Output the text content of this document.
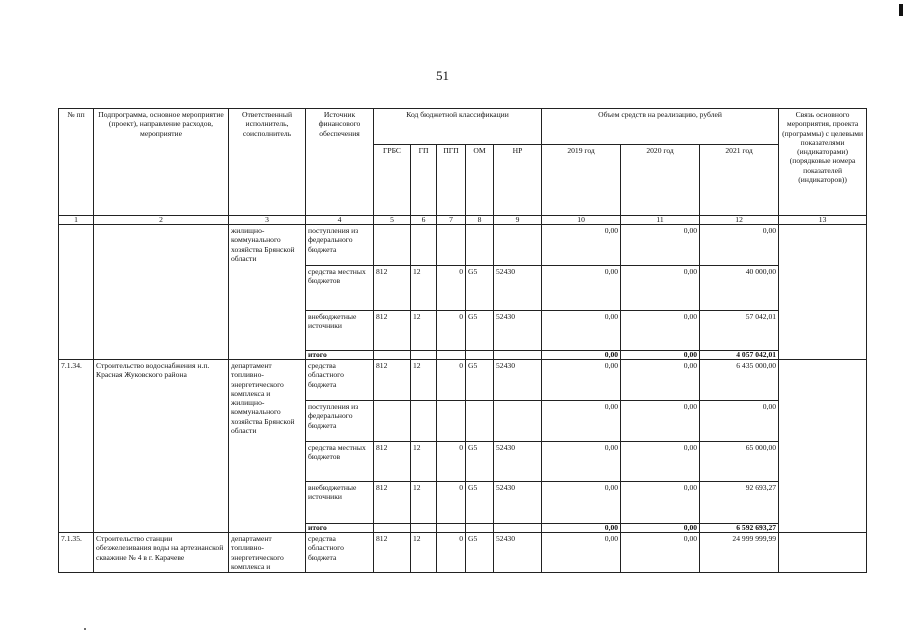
51
№ пп	Подпрограмма, основное мероприятие (проект), направление расходов, мероприятие	Ответственный исполнитель, соисполнитель	Источник финансового обеспечения	Код бюджетной классификации					Объем средств на реализацию, рублей			Связь основного мероприятия, проекта (программы) с целевыми показателями (индикаторами) (порядковые номера показателей (индикаторов))
				ГРБС	ГП	ПГП	ОМ	НР	2019 год	2020 год	2021 год	
1	2	3	4	5	6	7	8	9	10	11	12	13
		жилищно-коммунального хозяйства Брянской области	поступления из федерального бюджета						0,00	0,00	0,00	
			средства местных бюджетов	812	12	0	G5	52430	0,00	0,00	40 000,00	
			внебюджетные источники	812	12	0	G5	52430	0,00	0,00	57 042,01	
			итого						0,00	0,00	4 057 042,01	
7.1.34.	Строительство водоснабжения н.п. Красная Жуковского района	департамент топливно-энергетического комплекса и жилищно-коммунального хозяйства Брянской области	средства областного бюджета	812	12	0	G5	52430	0,00	0,00	6 435 000,00	
			поступления из федерального бюджета						0,00	0,00	0,00	
			средства местных бюджетов	812	12	0	G5	52430	0,00	0,00	65 000,00	
			внебюджетные источники	812	12	0	G5	52430	0,00	0,00	92 693,27	
			итого						0,00	0,00	6 592 693,27	
7.1.35.	Строительство станции обезжелезивания воды на артезианской скважине № 4 в г. Карачеве	департамент топливно-энергетического комплекса и	средства областного бюджета	812	12	0	G5	52430	0,00	0,00	24 999 999,99	
